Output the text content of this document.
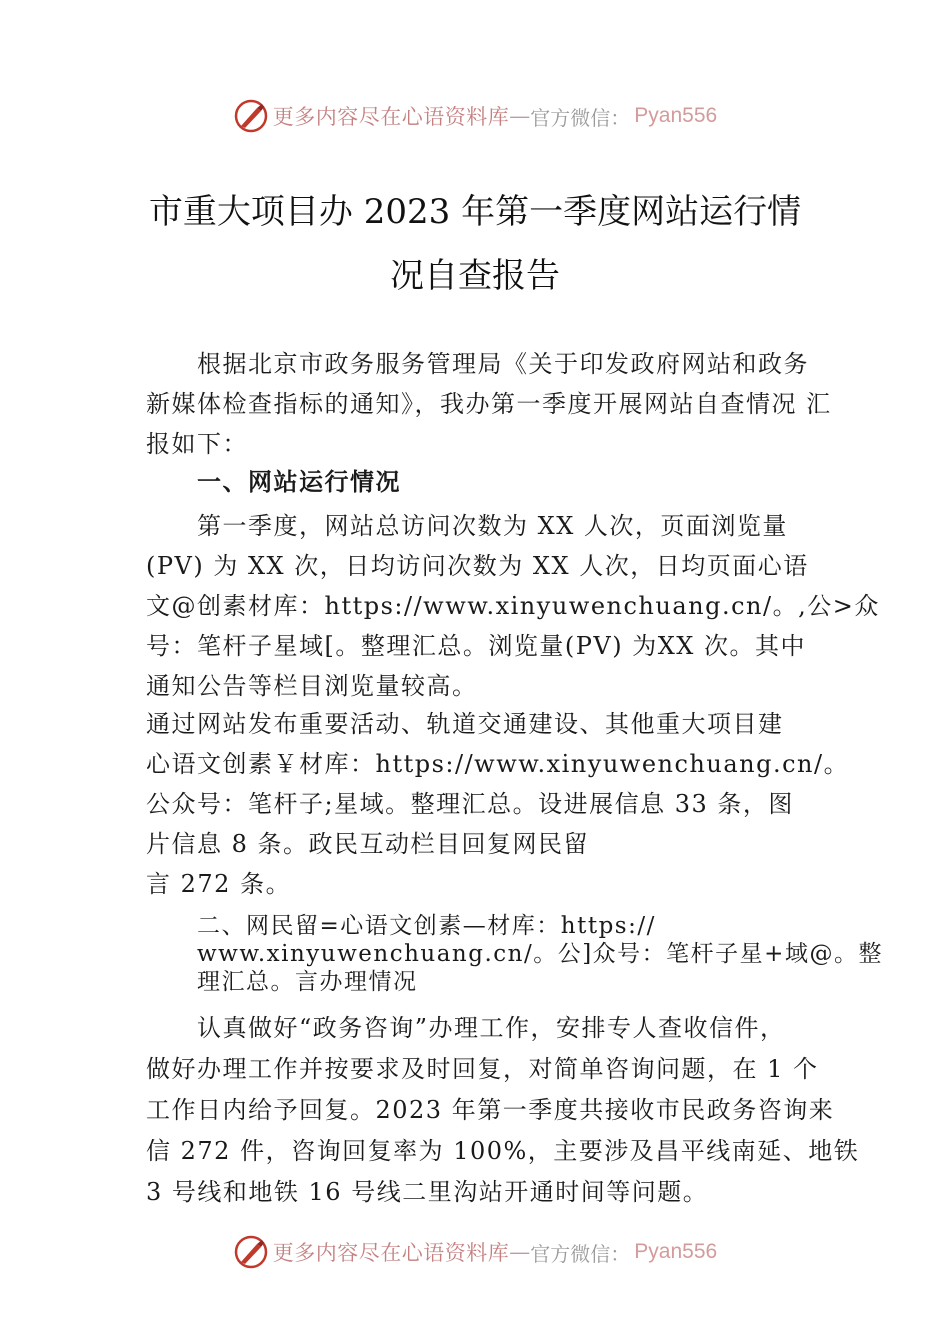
更多内容尽在心语资料库 — 官方微信： Pyan556
市重大项目办 2023 年第一季度网站运行情
况自查报告
根据北京市政务服务管理局《关于印发政府网站和政务
新媒体检查指标的通知》，我办第一季度开展网站自查情况 汇
报如下：
一、网站运行情况
第一季度，网站总访问次数为 XX 人次，页面浏览量
(PV) 为 XX 次，日均访问次数为 XX 人次，日均页面心语
文@创素材库：https://www.xinyuwenchuang.cn/。,公>众
号：笔杆子星域[。整理汇总。浏览量(PV) 为XX 次。其中
通知公告等栏目浏览量较高。
通过网站发布重要活动、轨道交通建设、其他重大项目建
心语文创素￥材库：https://www.xinyuwenchuang.cn/。
公众号：笔杆子;星域。整理汇总。设进展信息 33 条，图
片信息 8 条。政民互动栏目回复网民留
言 272 条。
二、网民留=心语文创素—材库：https://
www.xinyuwenchuang.cn/。公]众号：笔杆子星+域@。整
理汇总。言办理情况
认真做好“政务咨询”办理工作，安排专人查收信件，
做好办理工作并按要求及时回复，对简单咨询问题，在 1 个
工作日内给予回复。2023 年第一季度共接收市民政务咨询来
信 272 件，咨询回复率为 100%，主要涉及昌平线南延、地铁
3 号线和地铁 16 号线二里沟站开通时间等问题。
更多内容尽在心语资料库 — 官方微信： Pyan556
